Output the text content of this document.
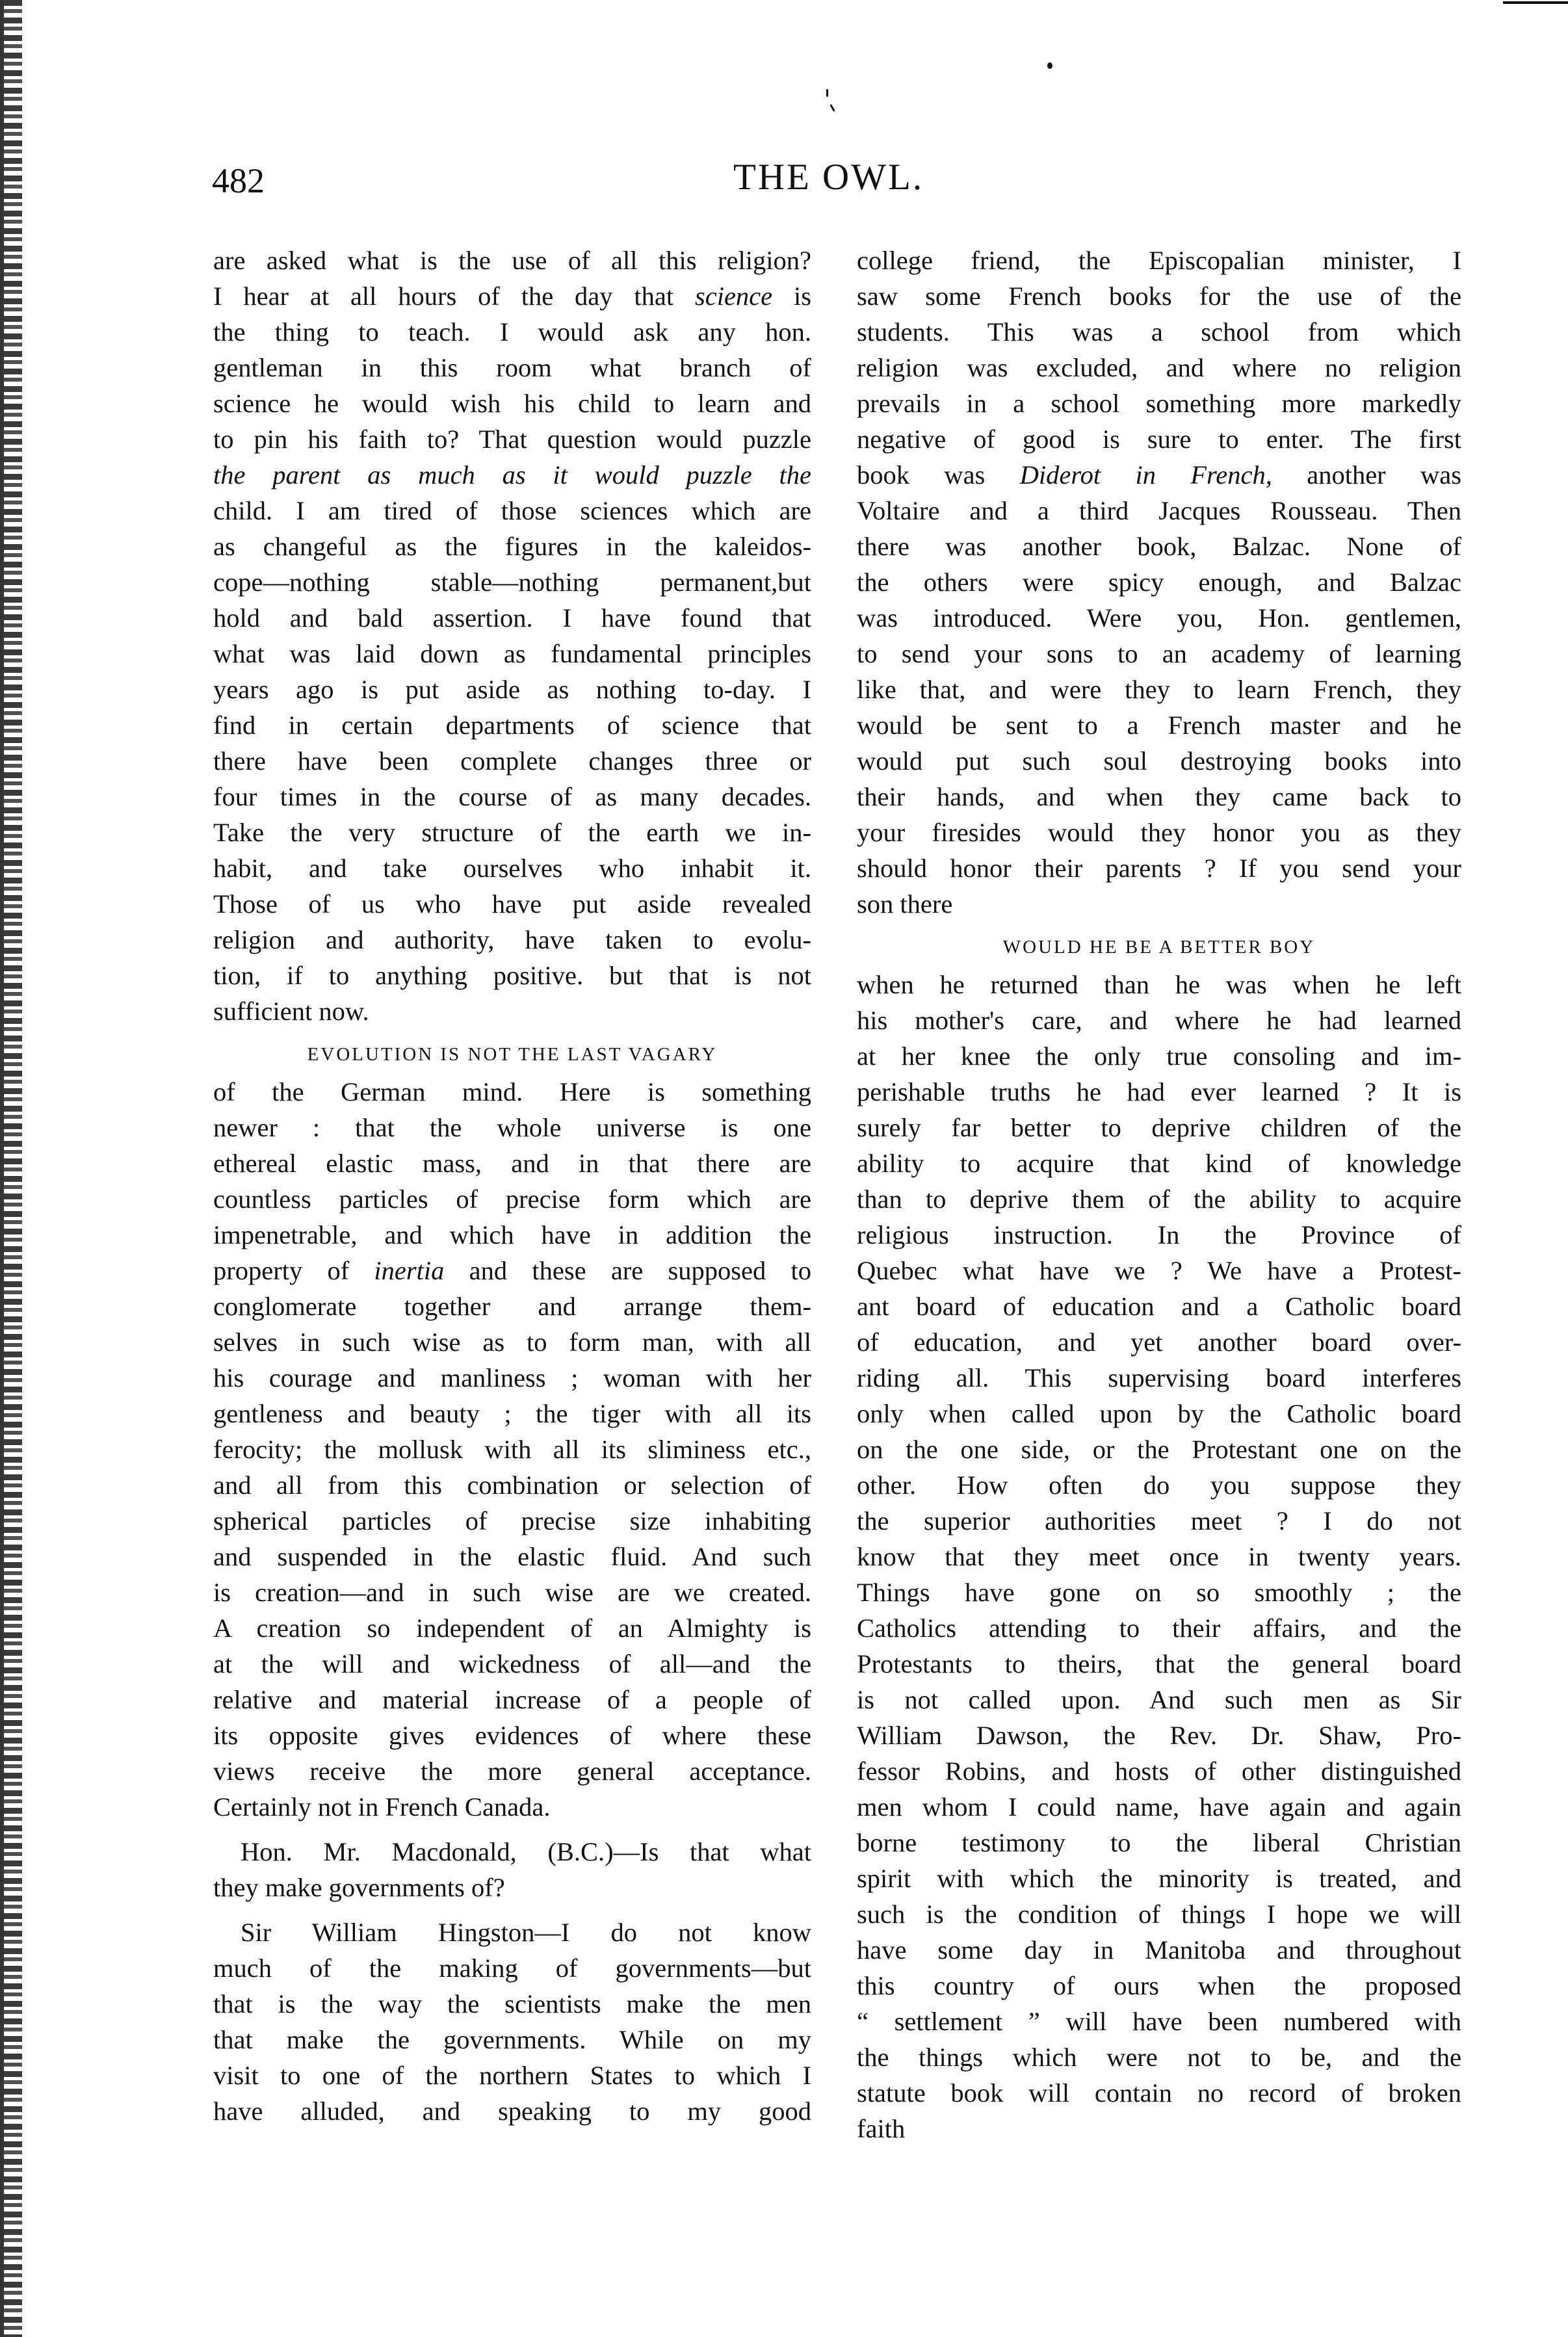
482	THE OWL.
are asked what is the use of all this religion?
I hear at all hours of the day that science is
the thing to teach. I would ask any hon.
gentleman in this room what branch of
science he would wish his child to learn and
to pin his faith to? That question would puzzle
the parent as much as it would puzzle the
child. I am tired of those sciences which are
as changeful as the figures in the kaleidos-
cope—nothing stable—nothing permanent,but
hold and bald assertion. I have found that
what was laid down as fundamental principles
years ago is put aside as nothing to-day. I
find in certain departments of science that
there have been complete changes three or
four times in the course of as many decades.
Take the very structure of the earth we in-
habit, and take ourselves who inhabit it.
Those of us who have put aside revealed
religion and authority, have taken to evolu-
tion, if to anything positive. but that is not
sufficient now.
EVOLUTION IS NOT THE LAST VAGARY
of the German mind. Here is something
newer : that the whole universe is one
ethereal elastic mass, and in that there are
countless particles of precise form which are
impenetrable, and which have in addition the
property of inertia and these are supposed to
conglomerate together and arrange them-
selves in such wise as to form man, with all
his courage and manliness ; woman with her
gentleness and beauty ; the tiger with all its
ferocity; the mollusk with all its sliminess etc.,
and all from this combination or selection of
spherical particles of precise size inhabiting
and suspended in the elastic fluid. And such
is creation—and in such wise are we created.
A creation so independent of an Almighty is
at the will and wickedness of all—and the
relative and material increase of a people of
its opposite gives evidences of where these
views receive the more general acceptance.
Certainly not in French Canada.
Hon. Mr. Macdonald, (B.C.)—Is that what
they make governments of?
Sir William Hingston—I do not know
much of the making of governments—but
that is the way the scientists make the men
that make the governments. While on my
visit to one of the northern States to which I
have alluded, and speaking to my good
college friend, the Episcopalian minister, I
saw some French books for the use of the
students. This was a school from which
religion was excluded, and where no religion
prevails in a school something more markedly
negative of good is sure to enter. The first
book was Diderot in French, another was
Voltaire and a third Jacques Rousseau. Then
there was another book, Balzac. None of
the others were spicy enough, and Balzac
was introduced. Were you, Hon. gentlemen,
to send your sons to an academy of learning
like that, and were they to learn French, they
would be sent to a French master and he
would put such soul destroying books into
their hands, and when they came back to
your firesides would they honor you as they
should honor their parents ? If you send your
son there
WOULD HE BE A BETTER BOY
when he returned than he was when he left
his mother's care, and where he had learned
at her knee the only true consoling and im-
perishable truths he had ever learned ? It is
surely far better to deprive children of the
ability to acquire that kind of knowledge
than to deprive them of the ability to acquire
religious instruction. In the Province of
Quebec what have we ? We have a Protest-
ant board of education and a Catholic board
of education, and yet another board over-
riding all. This supervising board interferes
only when called upon by the Catholic board
on the one side, or the Protestant one on the
other. How often do you suppose they
the superior authorities meet ? I do not
know that they meet once in twenty years.
Things have gone on so smoothly ; the
Catholics attending to their affairs, and the
Protestants to theirs, that the general board
is not called upon. And such men as Sir
William Dawson, the Rev. Dr. Shaw, Pro-
fessor Robins, and hosts of other distinguished
men whom I could name, have again and again
borne testimony to the liberal Christian
spirit with which the minority is treated, and
such is the condition of things I hope we will
have some day in Manitoba and throughout
this country of ours when the proposed
“ settlement ” will have been numbered with
the things which were not to be, and the
statute book will contain no record of broken
faith
